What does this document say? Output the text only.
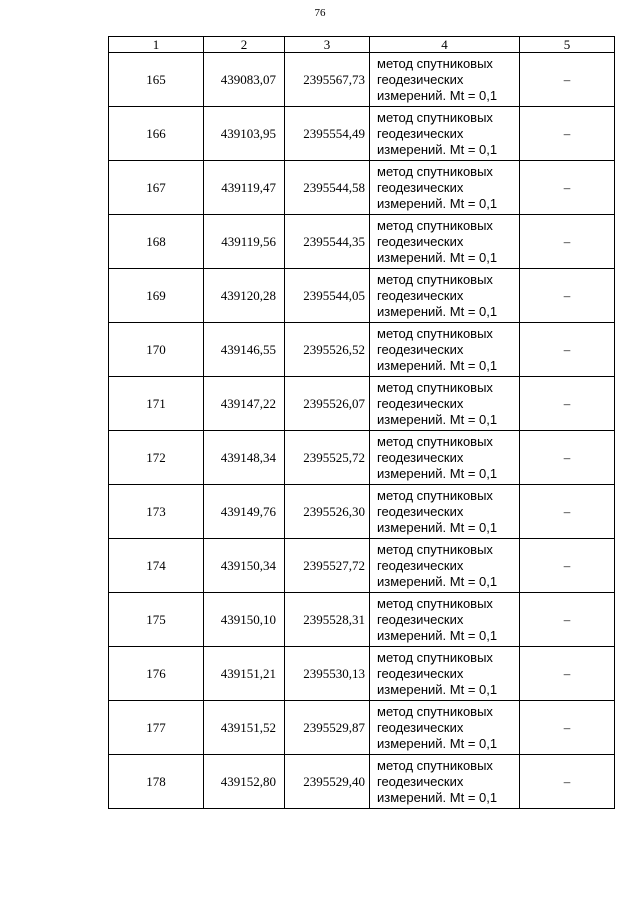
76
1	2	3	4	5
165	439083,07	2395567,73	метод спутниковых
геодезических
измерений. Mt = 0,1	–
166	439103,95	2395554,49	метод спутниковых
геодезических
измерений. Mt = 0,1	–
167	439119,47	2395544,58	метод спутниковых
геодезических
измерений. Mt = 0,1	–
168	439119,56	2395544,35	метод спутниковых
геодезических
измерений. Mt = 0,1	–
169	439120,28	2395544,05	метод спутниковых
геодезических
измерений. Mt = 0,1	–
170	439146,55	2395526,52	метод спутниковых
геодезических
измерений. Mt = 0,1	–
171	439147,22	2395526,07	метод спутниковых
геодезических
измерений. Mt = 0,1	–
172	439148,34	2395525,72	метод спутниковых
геодезических
измерений. Mt = 0,1	–
173	439149,76	2395526,30	метод спутниковых
геодезических
измерений. Mt = 0,1	–
174	439150,34	2395527,72	метод спутниковых
геодезических
измерений. Mt = 0,1	–
175	439150,10	2395528,31	метод спутниковых
геодезических
измерений. Mt = 0,1	–
176	439151,21	2395530,13	метод спутниковых
геодезических
измерений. Mt = 0,1	–
177	439151,52	2395529,87	метод спутниковых
геодезических
измерений. Mt = 0,1	–
178	439152,80	2395529,40	метод спутниковых
геодезических
измерений. Mt = 0,1	–
